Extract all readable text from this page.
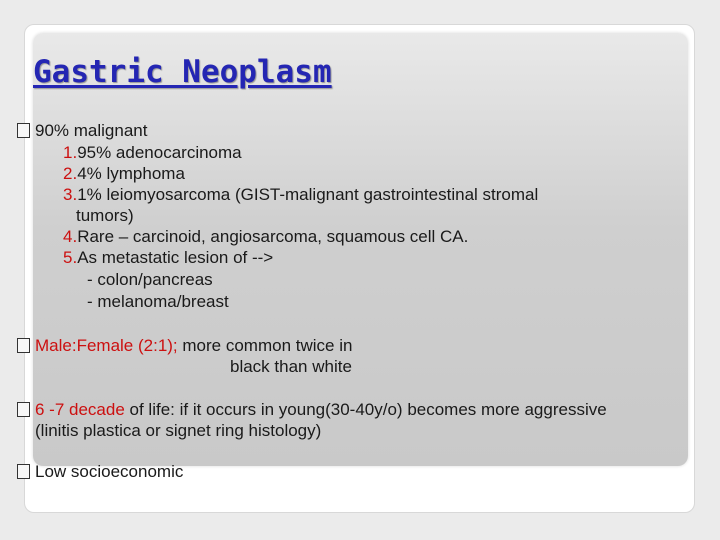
Gastric Neoplasm

90% malignant

1.95% adenocarcinoma

2.4% lymphoma

3.1% leiomyosarcoma (GIST-malignant gastrointestinal stromal

tumors)

4.Rare – carcinoid, angiosarcoma, squamous cell CA.

5.As metastatic lesion of -->

- colon/pancreas

- melanoma/breast

Male:Female (2:1); more common twice in

black than white

6 -7 decade of life: if it occurs in young(30-40y/o) becomes more aggressive

(linitis plastica or signet ring histology)

Low socioeconomic
